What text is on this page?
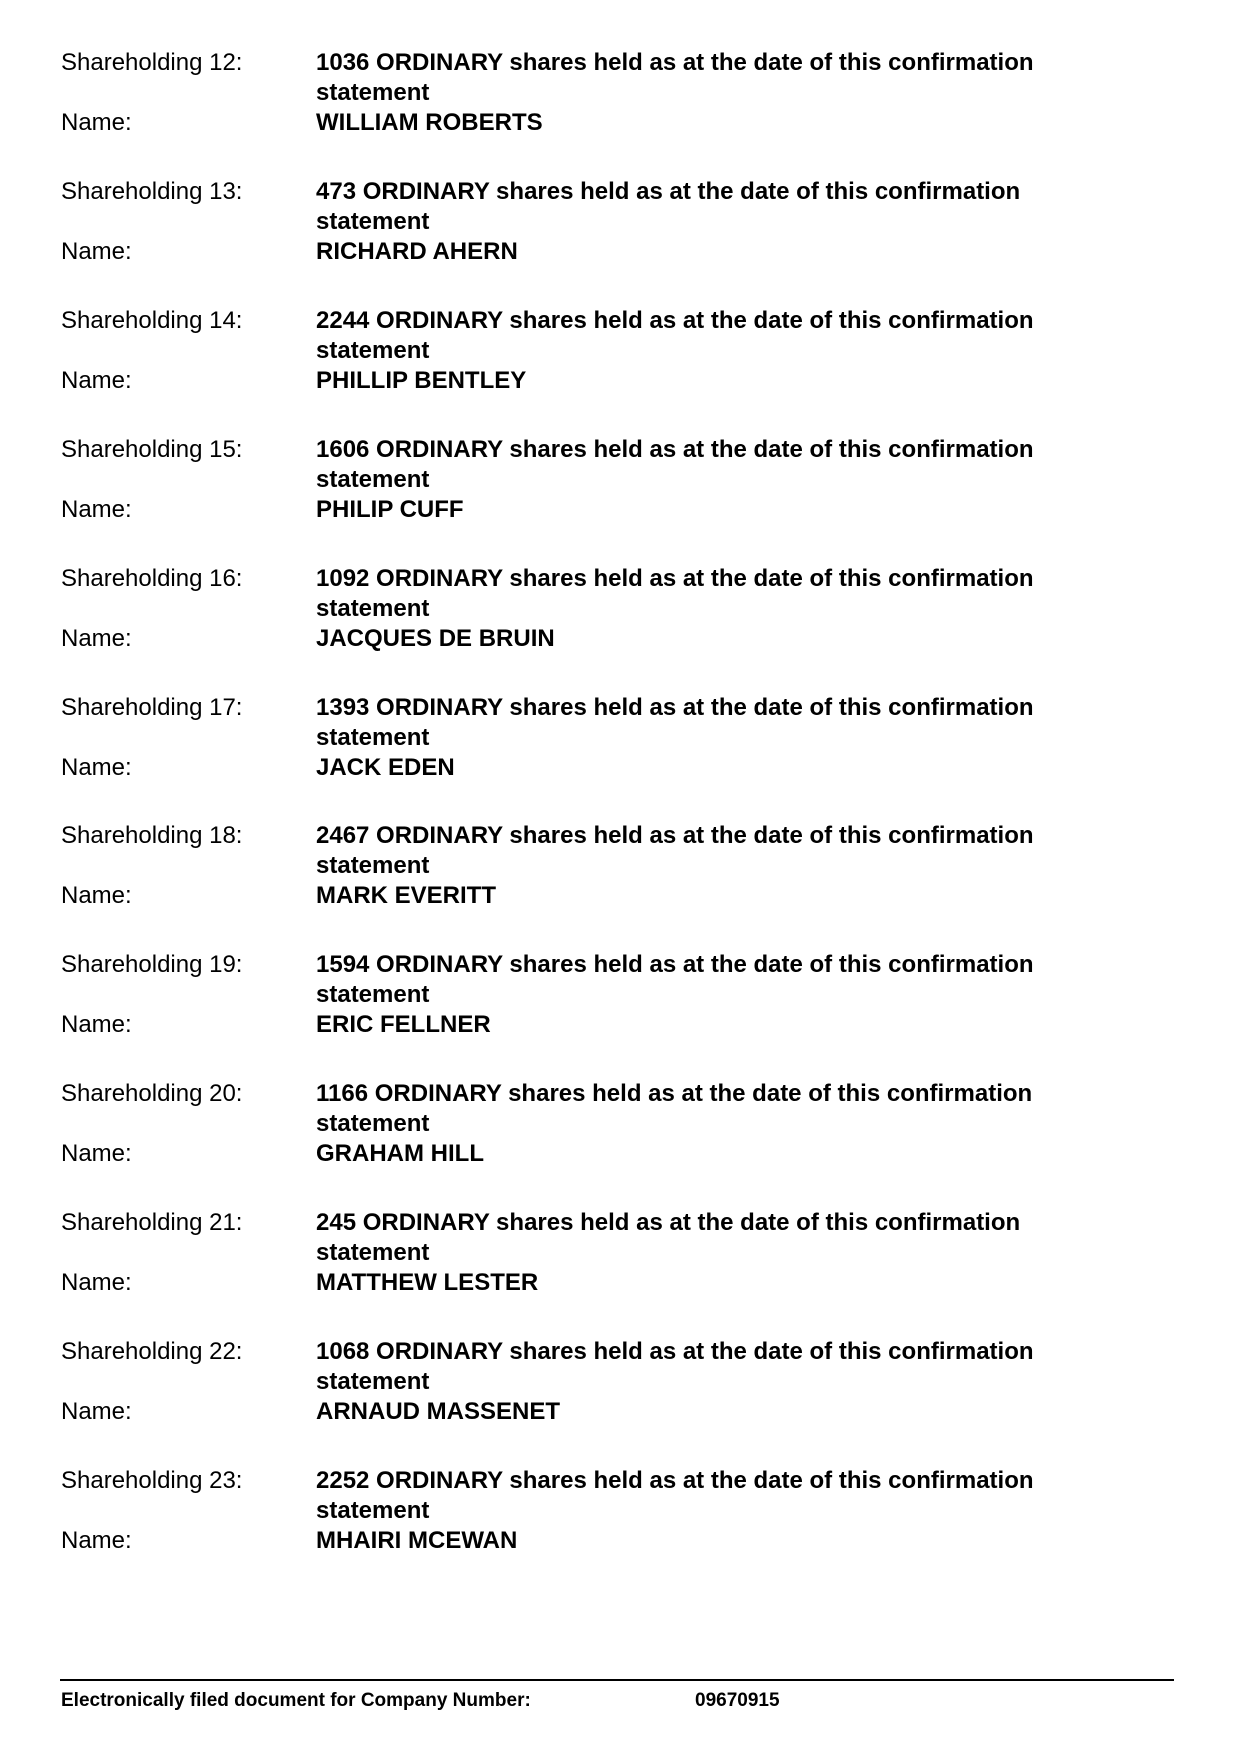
Shareholding 12:	1036 ORDINARY shares held as at the date of this confirmation statement
Name:	WILLIAM ROBERTS
Shareholding 13:	473 ORDINARY shares held as at the date of this confirmation statement
Name:	RICHARD AHERN
Shareholding 14:	2244 ORDINARY shares held as at the date of this confirmation statement
Name:	PHILLIP BENTLEY
Shareholding 15:	1606 ORDINARY shares held as at the date of this confirmation statement
Name:	PHILIP CUFF
Shareholding 16:	1092 ORDINARY shares held as at the date of this confirmation statement
Name:	JACQUES DE BRUIN
Shareholding 17:	1393 ORDINARY shares held as at the date of this confirmation statement
Name:	JACK EDEN
Shareholding 18:	2467 ORDINARY shares held as at the date of this confirmation statement
Name:	MARK EVERITT
Shareholding 19:	1594 ORDINARY shares held as at the date of this confirmation statement
Name:	ERIC FELLNER
Shareholding 20:	1166 ORDINARY shares held as at the date of this confirmation statement
Name:	GRAHAM HILL
Shareholding 21:	245 ORDINARY shares held as at the date of this confirmation statement
Name:	MATTHEW LESTER
Shareholding 22:	1068 ORDINARY shares held as at the date of this confirmation statement
Name:	ARNAUD MASSENET
Shareholding 23:	2252 ORDINARY shares held as at the date of this confirmation statement
Name:	MHAIRI MCEWAN
Electronically filed document for Company Number:	09670915
